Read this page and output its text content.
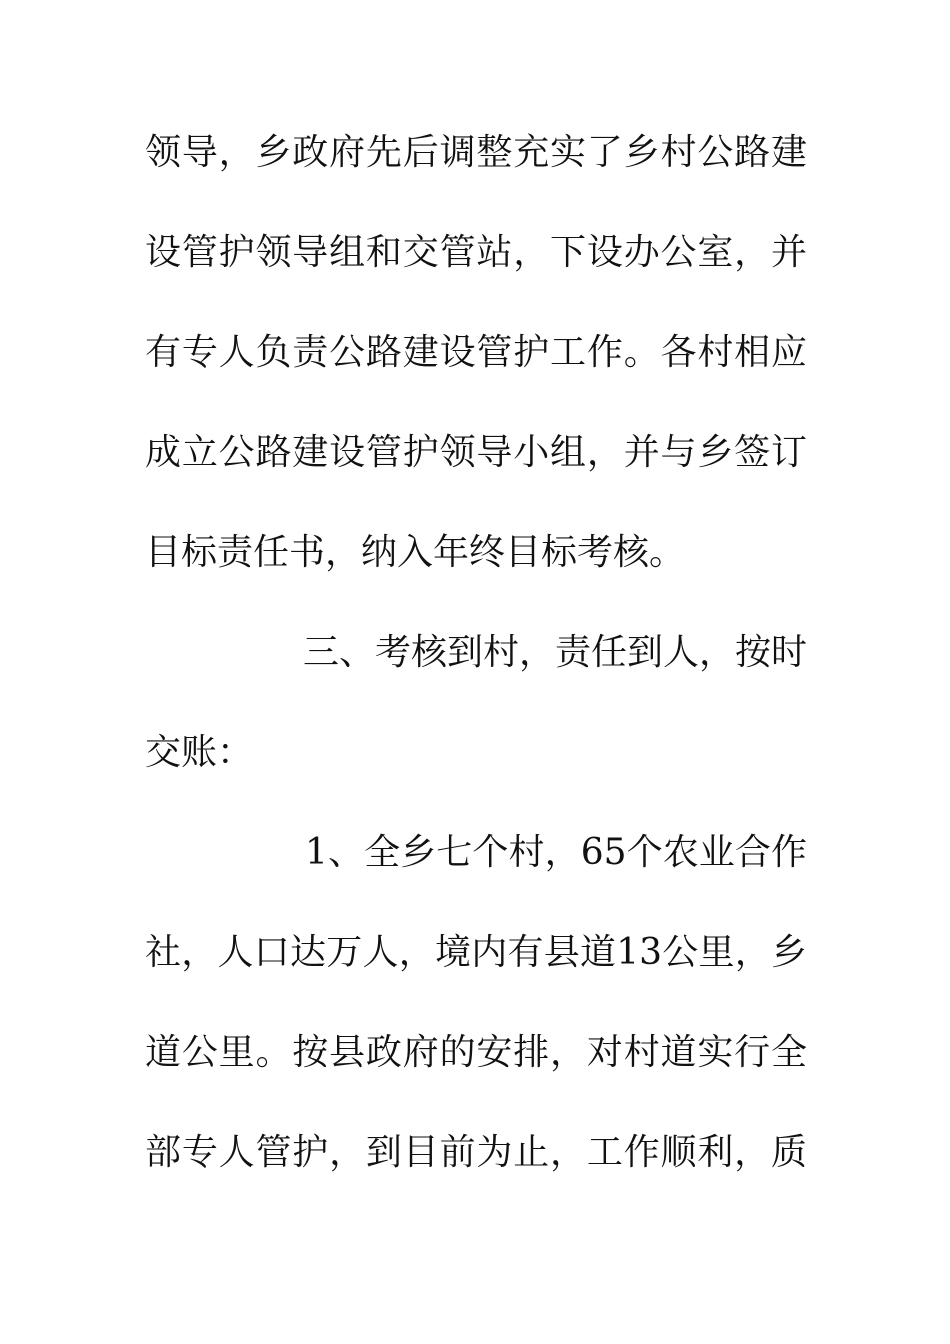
领导，乡政府先后调整充实了乡村公路建
设管护领导组和交管站，下设办公室，并
有专人负责公路建设管护工作。各村相应
成立公路建设管护领导小组，并与乡签订
目标责任书，纳入年终目标考核。
三、考核到村，责任到人，按时
交账：
1、全乡七个村，65个农业合作
社，人口达万人，境内有县道13公里，乡
道公里。按县政府的安排，对村道实行全
部专人管护，到目前为止，工作顺利，质
